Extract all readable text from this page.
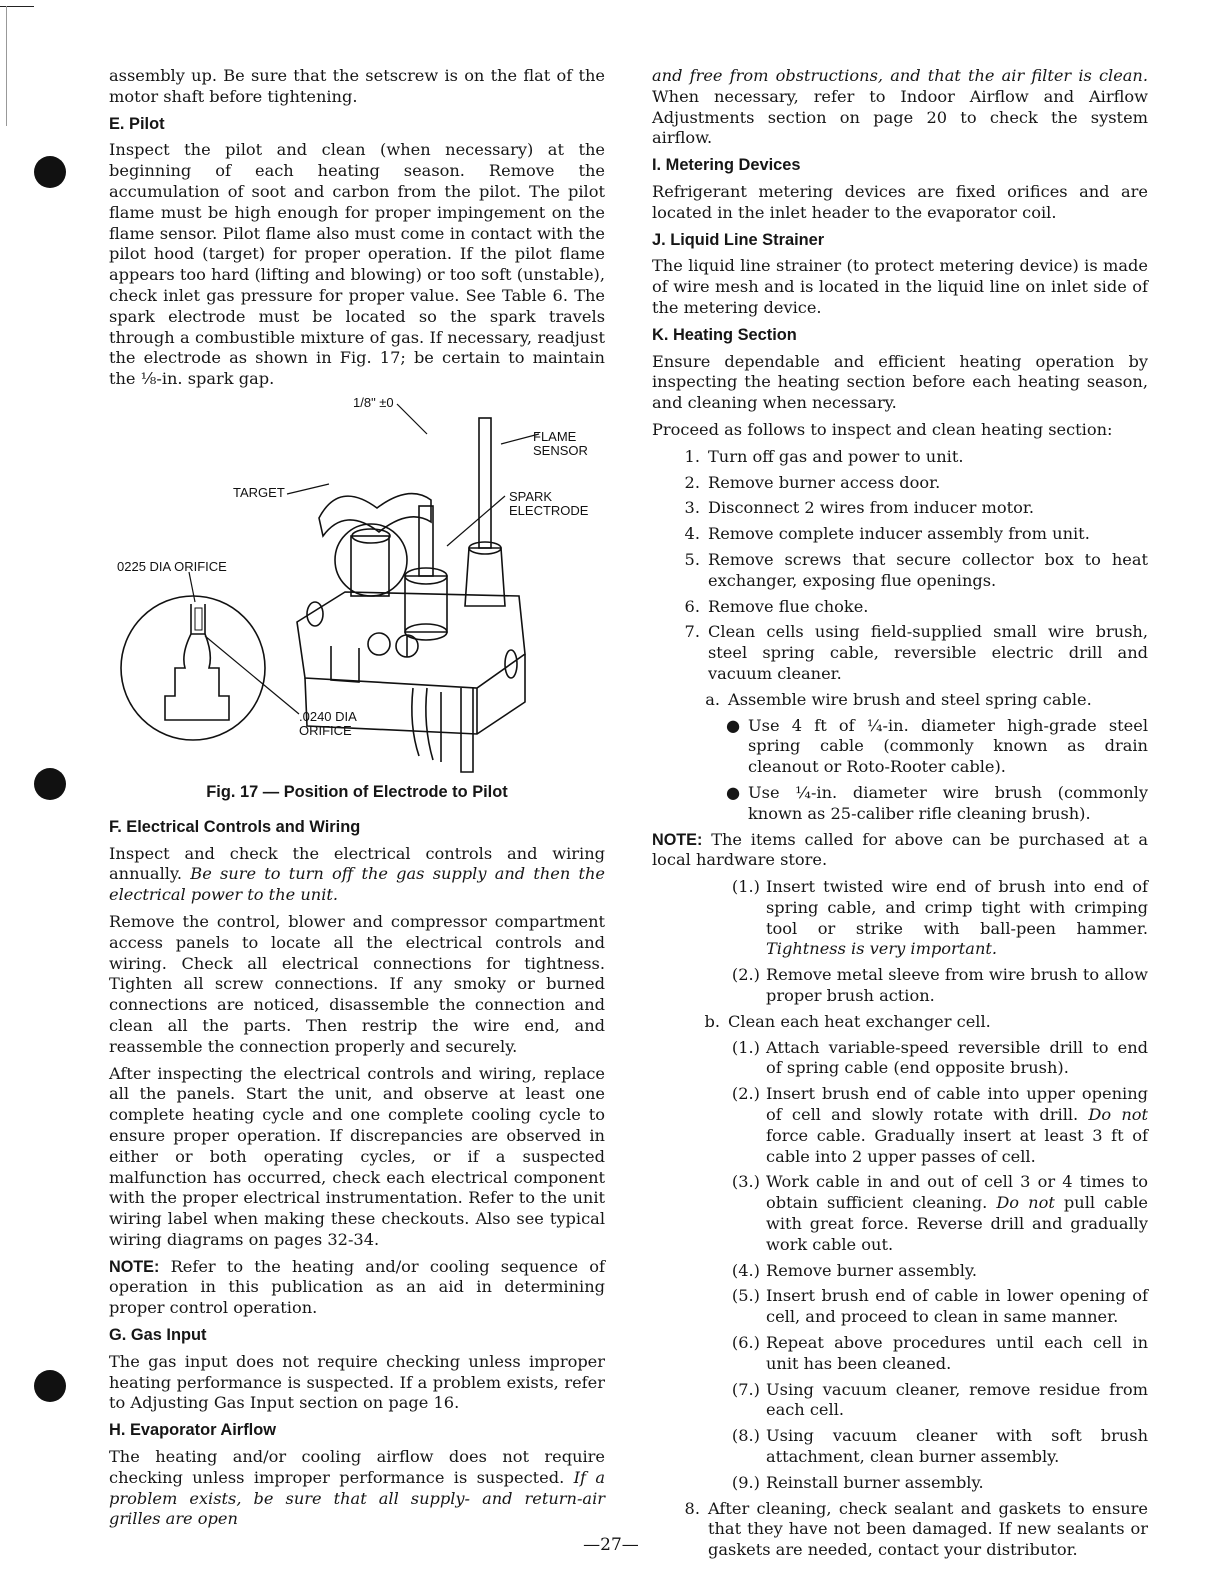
assembly up. Be sure that the setscrew is on the flat of the motor shaft before tightening.

E. Pilot

Inspect the pilot and clean (when necessary) at the beginning of each heating season. Remove the accumulation of soot and carbon from the pilot. The pilot flame must be high enough for proper impingement on the flame sensor. Pilot flame also must come in contact with the pilot hood (target) for proper operation. If the pilot flame appears too hard (lifting and blowing) or too soft (unstable), check inlet gas pressure for proper value. See Table 6. The spark electrode must be located so the spark travels through a combustible mixture of gas. If necessary, readjust the electrode as shown in Fig. 17; be certain to maintain the ⅛-in. spark gap.

1/8" ±0
FLAME SENSOR
TARGET	SPARK ELECTRODE
0225 DIA ORIFICE
.0240 DIA ORIFICE
Fig. 17 — Position of Electrode to Pilot
F. Electrical Controls and Wiring

Inspect and check the electrical controls and wiring annually. Be sure to turn off the gas supply and then the electrical power to the unit.

Remove the control, blower and compressor compartment access panels to locate all the electrical controls and wiring. Check all electrical connections for tightness. Tighten all screw connections. If any smoky or burned connections are noticed, disassemble the connection and clean all the parts. Then restrip the wire end, and reassemble the connection properly and securely.

After inspecting the electrical controls and wiring, replace all the panels. Start the unit, and observe at least one complete heating cycle and one complete cooling cycle to ensure proper operation. If discrepancies are observed in either or both operating cycles, or if a suspected malfunction has occurred, check each electrical component with the proper electrical instrumentation. Refer to the unit wiring label when making these checkouts. Also see typical wiring diagrams on pages 32-34.

NOTE: Refer to the heating and/or cooling sequence of operation in this publication as an aid in determining proper control operation.

G. Gas Input

The gas input does not require checking unless improper heating performance is suspected. If a problem exists, refer to Adjusting Gas Input section on page 16.

H. Evaporator Airflow

The heating and/or cooling airflow does not require checking unless improper performance is suspected. If a problem exists, be sure that all supply- and return-air grilles are open

and free from obstructions, and that the air filter is clean. When necessary, refer to Indoor Airflow and Airflow Adjustments section on page 20 to check the system airflow.

I. Metering Devices

Refrigerant metering devices are fixed orifices and are located in the inlet header to the evaporator coil.

J. Liquid Line Strainer

The liquid line strainer (to protect metering device) is made of wire mesh and is located in the liquid line on inlet side of the metering device.

K. Heating Section

Ensure dependable and efficient heating operation by inspecting the heating section before each heating season, and cleaning when necessary.

Proceed as follows to inspect and clean heating section:

1. Turn off gas and power to unit.
2. Remove burner access door.
3. Disconnect 2 wires from inducer motor.
4. Remove complete inducer assembly from unit.
5. Remove screws that secure collector box to heat exchanger, exposing flue openings.
6. Remove flue choke.
7. Clean cells using field-supplied small wire brush, steel spring cable, reversible electric drill and vacuum cleaner.
a. Assemble wire brush and steel spring cable.
● Use 4 ft of ¼-in. diameter high-grade steel spring cable (commonly known as drain cleanout or Roto-Rooter cable).
● Use ¼-in. diameter wire brush (commonly known as 25-caliber rifle cleaning brush).

NOTE: The items called for above can be purchased at a local hardware store.

(1.) Insert twisted wire end of brush into end of spring cable, and crimp tight with crimping tool or strike with ball-peen hammer. Tightness is very important.
(2.) Remove metal sleeve from wire brush to allow proper brush action.
b. Clean each heat exchanger cell.
(1.) Attach variable-speed reversible drill to end of spring cable (end opposite brush).
(2.) Insert brush end of cable into upper opening of cell and slowly rotate with drill. Do not force cable. Gradually insert at least 3 ft of cable into 2 upper passes of cell.
(3.) Work cable in and out of cell 3 or 4 times to obtain sufficient cleaning. Do not pull cable with great force. Reverse drill and gradually work cable out.
(4.) Remove burner assembly.
(5.) Insert brush end of cable in lower opening of cell, and proceed to clean in same manner.
(6.) Repeat above procedures until each cell in unit has been cleaned.
(7.) Using vacuum cleaner, remove residue from each cell.
(8.) Using vacuum cleaner with soft brush attachment, clean burner assembly.
(9.) Reinstall burner assembly.
8. After cleaning, check sealant and gaskets to ensure that they have not been damaged. If new sealants or gaskets are needed, contact your distributor.
—27—
